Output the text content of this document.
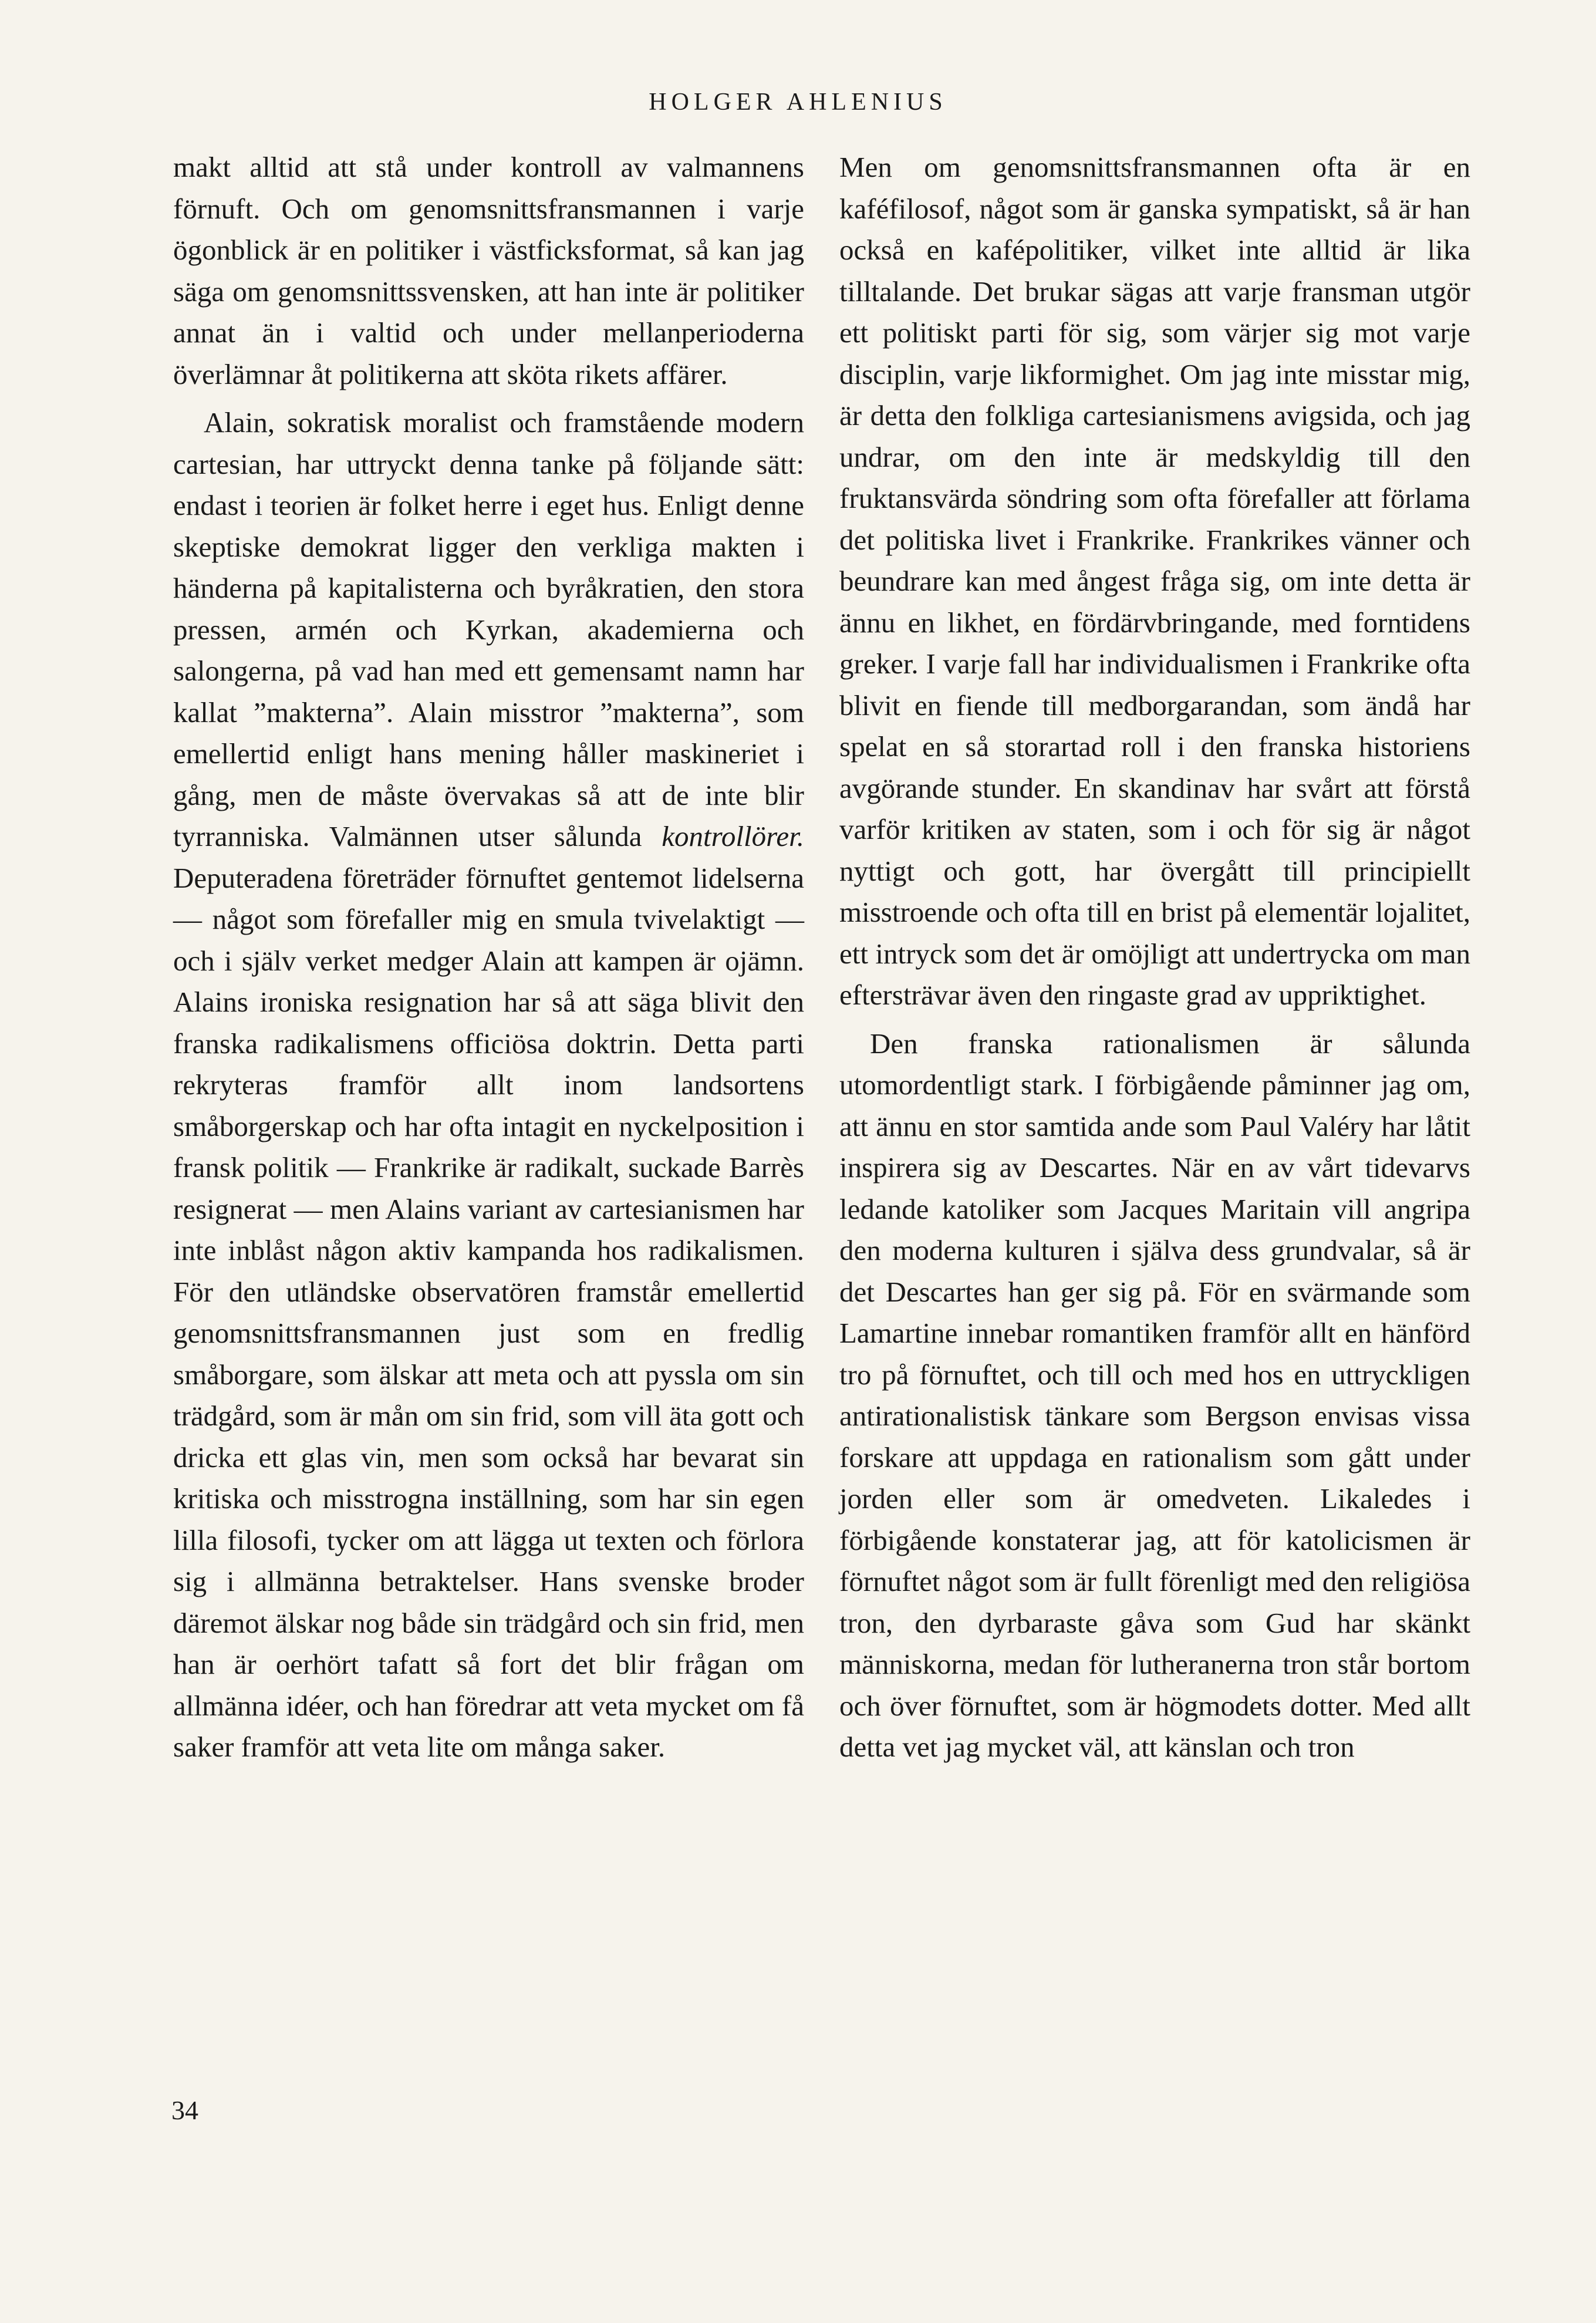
HOLGER AHLENIUS

makt alltid att stå under kontroll av valmannens förnuft. Och om genomsnittsfransmannen i varje ögonblick är en politiker i västficksformat, så kan jag säga om genomsnittssvensken, att han inte är politiker annat än i valtid och under mellanperioderna överlämnar åt politikerna att sköta rikets affärer.

Alain, sokratisk moralist och framstående modern cartesian, har uttryckt denna tanke på följande sätt: endast i teorien är folket herre i eget hus. Enligt denne skeptiske demokrat ligger den verkliga makten i händerna på kapitalisterna och byråkratien, den stora pressen, armén och Kyrkan, akademierna och salongerna, på vad han med ett gemensamt namn har kallat ”makterna”. Alain misstror ”makterna”, som emellertid enligt hans mening håller maskineriet i gång, men de måste övervakas så att de inte blir tyrranniska. Valmännen utser sålunda kontrollörer. Deputeradena företräder förnuftet gentemot lidelserna — något som förefaller mig en smula tvivelaktigt — och i själv verket medger Alain att kampen är ojämn. Alains ironiska resignation har så att säga blivit den franska radikalismens officiösa doktrin. Detta parti rekryteras framför allt inom landsortens småborgerskap och har ofta intagit en nyckelposition i fransk politik — Frankrike är radikalt, suckade Barrès resignerat — men Alains variant av cartesianismen har inte inblåst någon aktiv kampanda hos radikalismen. För den utländske observatören framstår emellertid genomsnittsfransmannen just som en fredlig småborgare, som älskar att meta och att pyssla om sin trädgård, som är mån om sin frid, som vill äta gott och dricka ett glas vin, men som också har bevarat sin kritiska och misstrogna inställning, som har sin egen lilla filosofi, tycker om att lägga ut texten och förlora sig i allmänna betraktelser. Hans svenske broder däremot älskar nog både sin trädgård och sin frid, men han är oerhört tafatt så fort det blir frågan om allmänna idéer, och han föredrar att veta mycket om få saker framför att veta lite om många saker.

Men om genomsnittsfransmannen ofta är en kaféfilosof, något som är ganska sympatiskt, så är han också en kafépolitiker, vilket inte alltid är lika tilltalande. Det brukar sägas att varje fransman utgör ett politiskt parti för sig, som värjer sig mot varje disciplin, varje likformighet. Om jag inte misstar mig, är detta den folkliga cartesianismens avigsida, och jag undrar, om den inte är medskyldig till den fruktansvärda söndring som ofta förefaller att förlama det politiska livet i Frankrike. Frankrikes vänner och beundrare kan med ångest fråga sig, om inte detta är ännu en likhet, en fördärvbringande, med forntidens greker. I varje fall har individualismen i Frankrike ofta blivit en fiende till medborgarandan, som ändå har spelat en så storartad roll i den franska historiens avgörande stunder. En skandinav har svårt att förstå varför kritiken av staten, som i och för sig är något nyttigt och gott, har övergått till principiellt misstroende och ofta till en brist på elementär lojalitet, ett intryck som det är omöjligt att undertrycka om man eftersträvar även den ringaste grad av uppriktighet.

Den franska rationalismen är sålunda utomordentligt stark. I förbigående påminner jag om, att ännu en stor samtida ande som Paul Valéry har låtit inspirera sig av Descartes. När en av vårt tidevarvs ledande katoliker som Jacques Maritain vill angripa den moderna kulturen i själva dess grundvalar, så är det Descartes han ger sig på. För en svärmande som Lamartine innebar romantiken framför allt en hänförd tro på förnuftet, och till och med hos en uttryckligen antirationalistisk tänkare som Bergson envisas vissa forskare att uppdaga en rationalism som gått under jorden eller som är omedveten. Likaledes i förbigående konstaterar jag, att för katolicismen är förnuftet något som är fullt förenligt med den religiösa tron, den dyrbaraste gåva som Gud har skänkt människorna, medan för lutheranerna tron står bortom och över förnuftet, som är högmodets dotter. Med allt detta vet jag mycket väl, att känslan och tron

34
